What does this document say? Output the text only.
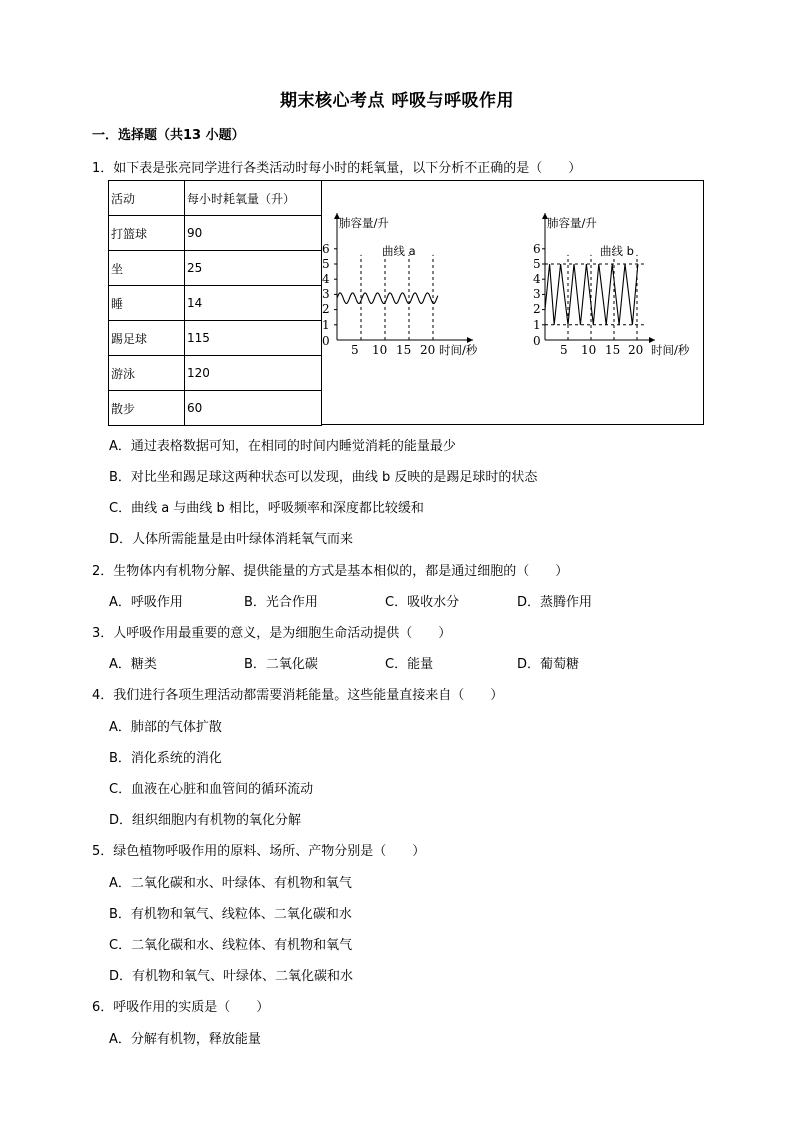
期末核心考点 呼吸与呼吸作用
一．选择题（共13 小题）
1．如下表是张亮同学进行各类活动时每小时的耗氧量，以下分析不正确的是（　　）
活动	每小时耗氧量（升）
打篮球	90
坐	25
睡	14
踢足球	115
游泳	120
散步	60
肺容量/升
曲线 a
0
1
2
3
4
5
6
5 10 15 20 时间/秒
肺容量/升
曲线 b
0
1
2
3
4
5
6
5 10 15 20 时间/秒
A．通过表格数据可知，在相同的时间内睡觉消耗的能量最少
B．对比坐和踢足球这两种状态可以发现，曲线 b 反映的是踢足球时的状态
C．曲线 a 与曲线 b 相比，呼吸频率和深度都比较缓和
D．人体所需能量是由叶绿体消耗氧气而来
2．生物体内有机物分解、提供能量的方式是基本相似的，都是通过细胞的（　　）
A．呼吸作用	B．光合作用	C．吸收水分	D．蒸腾作用
3．人呼吸作用最重要的意义，是为细胞生命活动提供（　　）
A．糖类	B．二氧化碳	C．能量	D．葡萄糖
4．我们进行各项生理活动都需要消耗能量。这些能量直接来自（　　）
A．肺部的气体扩散
B．消化系统的消化
C．血液在心脏和血管间的循环流动
D．组织细胞内有机物的氧化分解
5．绿色植物呼吸作用的原料、场所、产物分别是（　　）
A．二氧化碳和水、叶绿体、有机物和氧气
B．有机物和氧气、线粒体、二氧化碳和水
C．二氧化碳和水、线粒体、有机物和氧气
D．有机物和氧气、叶绿体、二氧化碳和水
6．呼吸作用的实质是（　　）
A．分解有机物，释放能量
